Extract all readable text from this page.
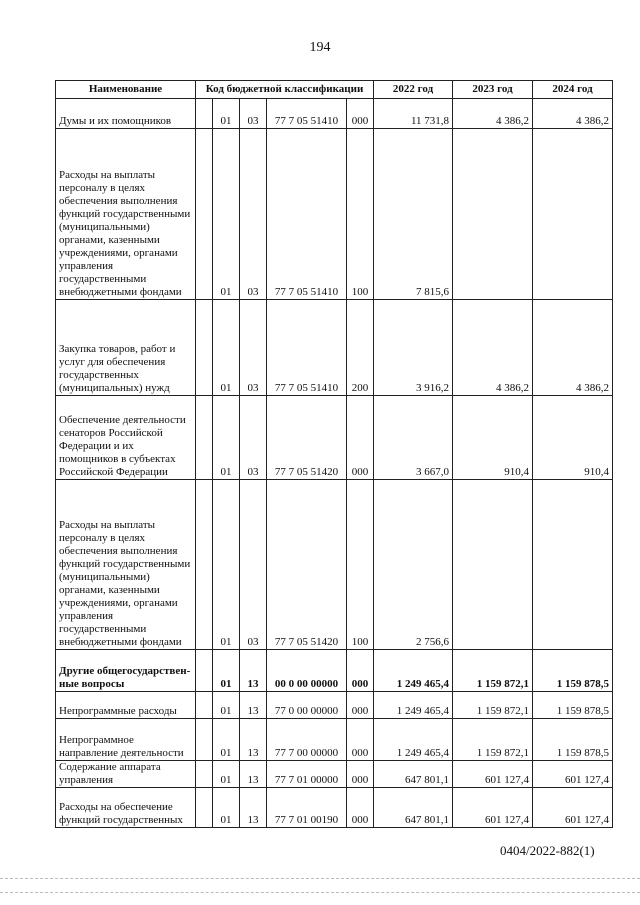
194
Наименование	Код бюджетной классификации					2022 год	2023 год	2024 год
Думы и их помощников		01	03	77 7 05 51410	000	11 731,8	4 386,2	4 386,2
Расходы на выплаты персоналу в целях обеспечения выполнения функций государственными (муниципальными) органами, казенными учреждениями, органами управления государственными внебюджетными фондами		01	03	77 7 05 51410	100	7 815,6		
Закупка товаров, работ и услуг для обеспечения государственных (муниципальных) нужд		01	03	77 7 05 51410	200	3 916,2	4 386,2	4 386,2
Обеспечение деятельности сенаторов Российской Федерации и их помощников в субъектах Российской Федерации		01	03	77 7 05 51420	000	3 667,0	910,4	910,4
Расходы на выплаты персоналу в целях обеспечения выполнения функций государственными (муниципальными) органами, казенными учреждениями, органами управления государственными внебюджетными фондами		01	03	77 7 05 51420	100	2 756,6		
Другие общегосударствен-ные вопросы		01	13	00 0 00 00000	000	1 249 465,4	1 159 872,1	1 159 878,5
Непрограммные расходы		01	13	77 0 00 00000	000	1 249 465,4	1 159 872,1	1 159 878,5
Непрограммное направление деятельности		01	13	77 7 00 00000	000	1 249 465,4	1 159 872,1	1 159 878,5
Содержание аппарата управления		01	13	77 7 01 00000	000	647 801,1	601 127,4	601 127,4
Расходы на обеспечение функций государственных		01	13	77 7 01 00190	000	647 801,1	601 127,4	601 127,4
0404/2022-882(1)
